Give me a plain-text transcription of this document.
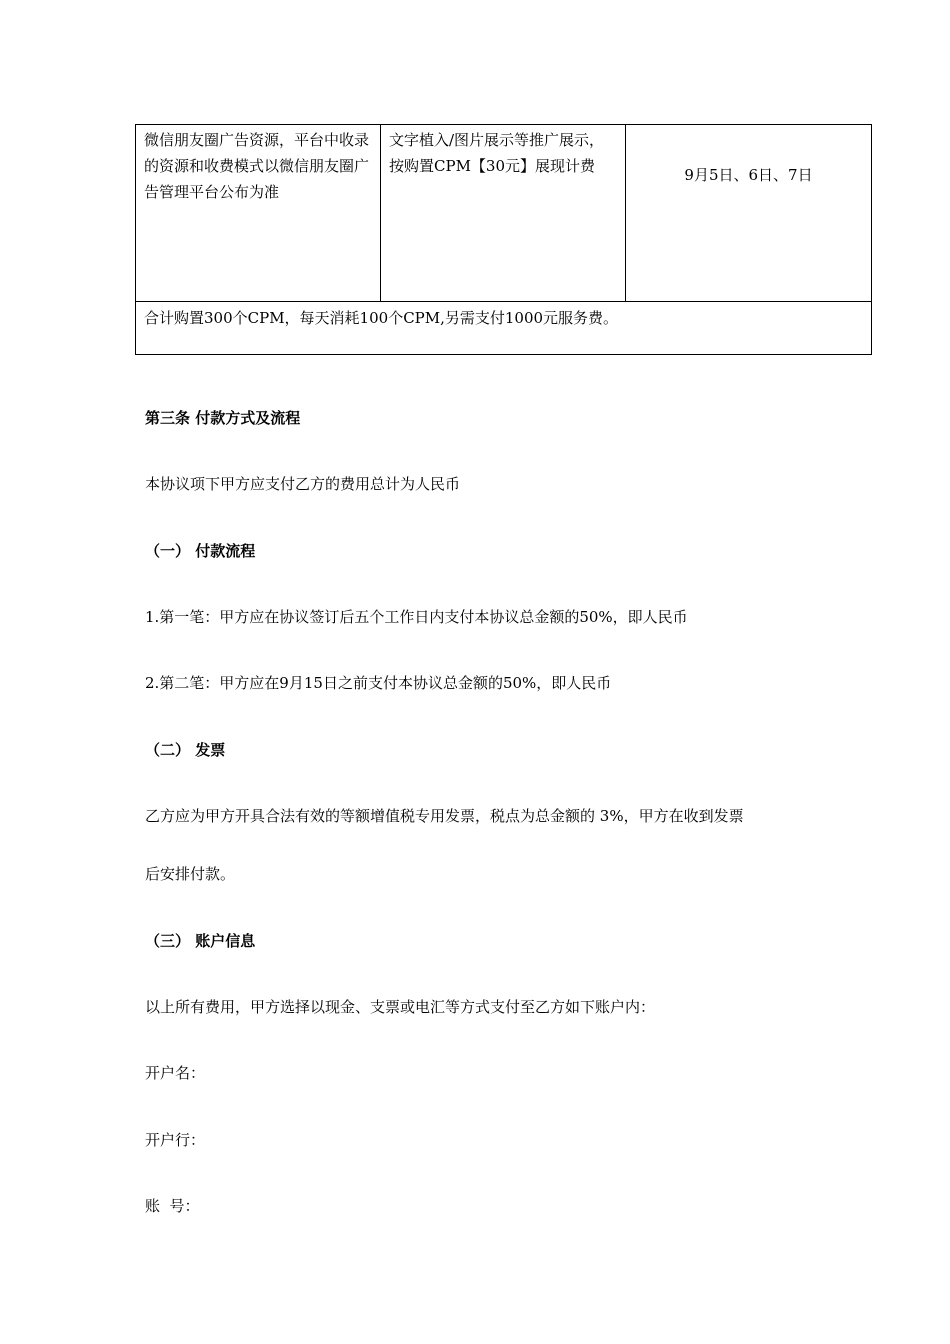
微信朋友圈广告资源，平台中收录的资源和收费模式以微信朋友圈广告管理平台公布为准	文字植入/图片展示等推广展示，按购置CPM【30元】展现计费	9月5日、6日、7日

合计购置300个CPM，每天消耗100个CPM,另需支付1000元服务费。
第三条 付款方式及流程
本协议项下甲方应支付乙方的费用总计为人民币
（一） 付款流程
1.第一笔：甲方应在协议签订后五个工作日内支付本协议总金额的50%，即人民币
2.第二笔：甲方应在9月15日之前支付本协议总金额的50%，即人民币
（二） 发票
乙方应为甲方开具合法有效的等额增值税专用发票，税点为总金额的 3%，甲方在收到发票
后安排付款。
（三） 账户信息
以上所有费用，甲方选择以现金、支票或电汇等方式支付至乙方如下账户内：
开户名：
开户行：
账  号：
